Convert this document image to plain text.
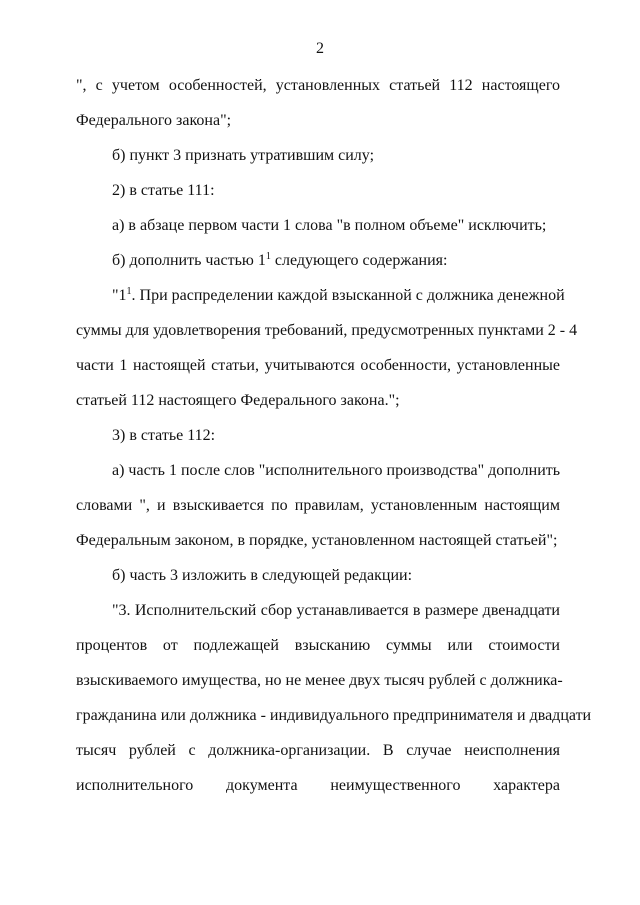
2
", с учетом особенностей, установленных статьей 112 настоящего
Федерального закона";
б) пункт 3 признать утратившим силу;
2) в статье 111:
а) в абзаце первом части 1 слова "в полном объеме" исключить;
б) дополнить частью $1^1$ следующего содержания:
"$1^1$. При распределении каждой взысканной с должника денежной
суммы для удовлетворения требований, предусмотренных пунктами 2 - 4
части 1 настоящей статьи, учитываются особенности, установленные
статьей 112 настоящего Федерального закона.";
3) в статье 112:
а) часть 1 после слов "исполнительного производства" дополнить
словами ", и взыскивается по правилам, установленным настоящим
Федеральным законом, в порядке, установленном настоящей статьей";
б) часть 3 изложить в следующей редакции:
"3. Исполнительский сбор устанавливается в размере двенадцати
процентов от подлежащей взысканию суммы или стоимости
взыскиваемого имущества, но не менее двух тысяч рублей с должника-
гражданина или должника - индивидуального предпринимателя и двадцати
тысяч рублей с должника-организации. В случае неисполнения
исполнительного документа неимущественного характера
